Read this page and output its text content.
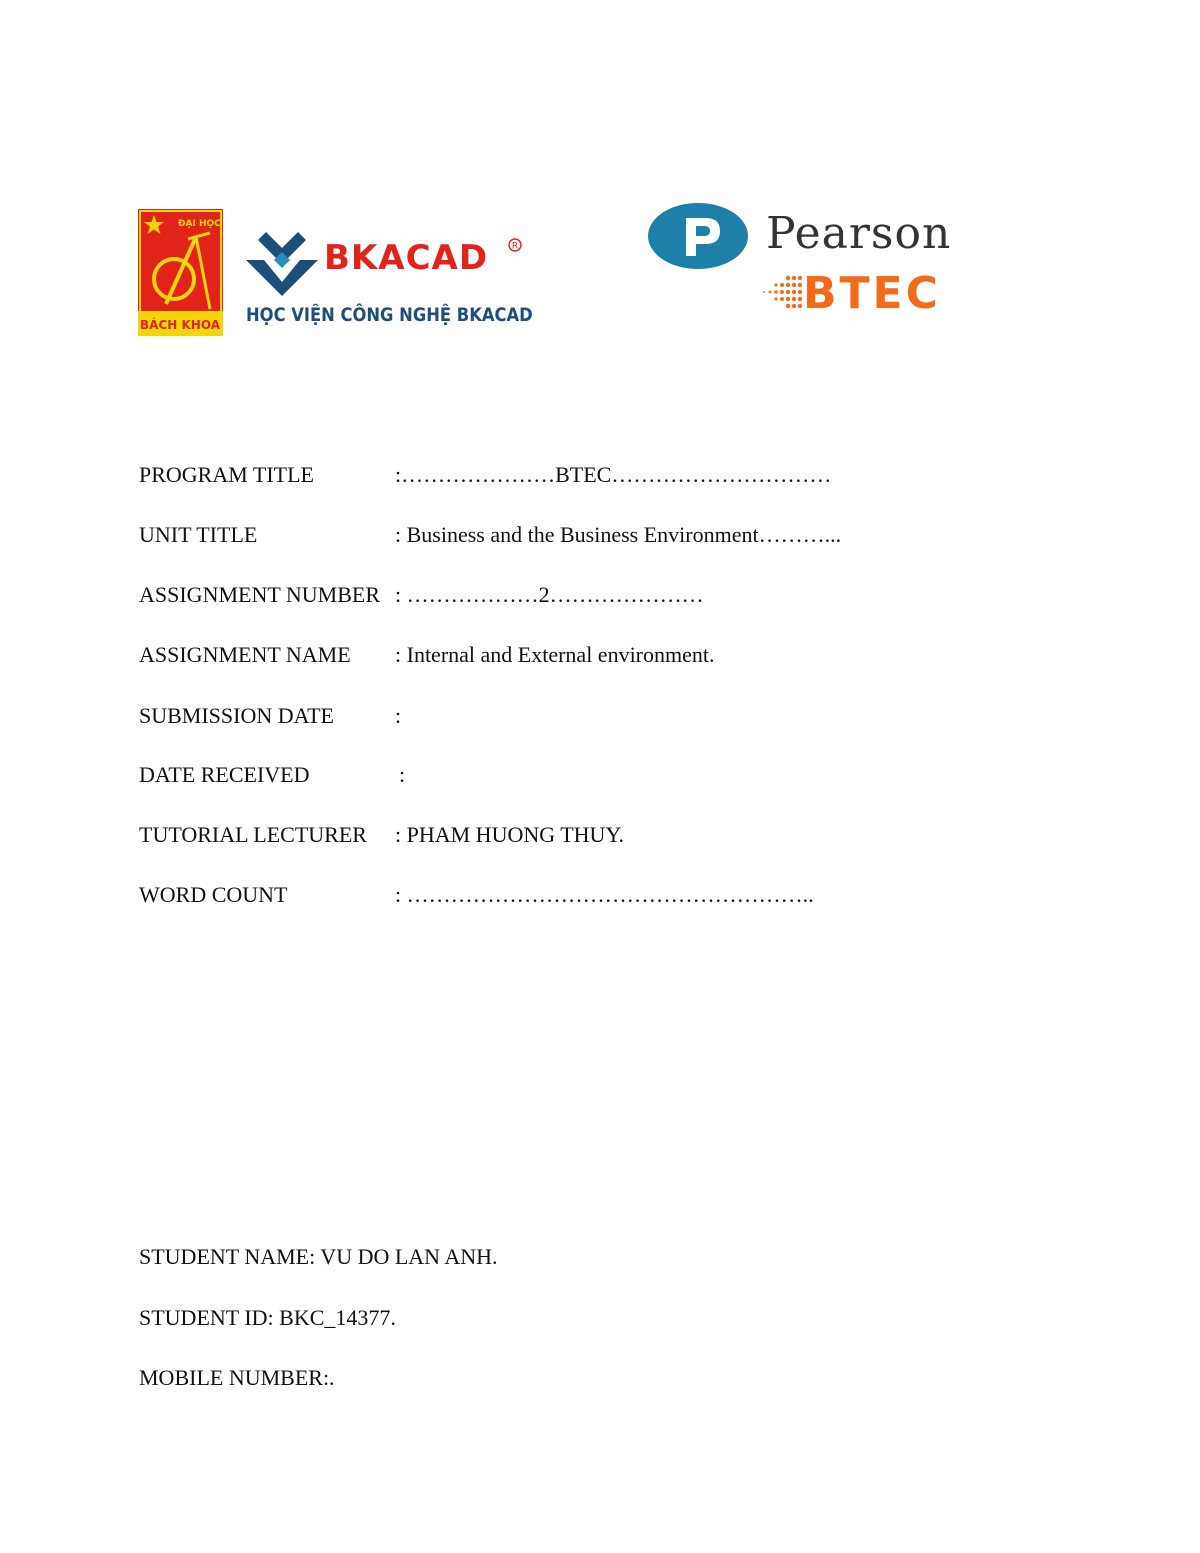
ĐẠI HỌC
BÁCH KHOA
BKACAD	R
HỌC VIỆN CÔNG NGHỆ BKACAD
Pearson
BTEC
PROGRAM TITLE	:…………………BTEC…………………………
UNIT TITLE	: Business and the Business Environment………...
ASSIGNMENT NUMBER : ………………2…………………
ASSIGNMENT NAME : Internal and External environment.
SUBMISSION DATE	:
DATE RECEIVED	:
TUTORIAL LECTURER : PHAM HUONG THUY.
WORD COUNT	: ………………………………………………..
STUDENT NAME: VU DO LAN ANH.
STUDENT ID: BKC_14377.
MOBILE NUMBER:.
